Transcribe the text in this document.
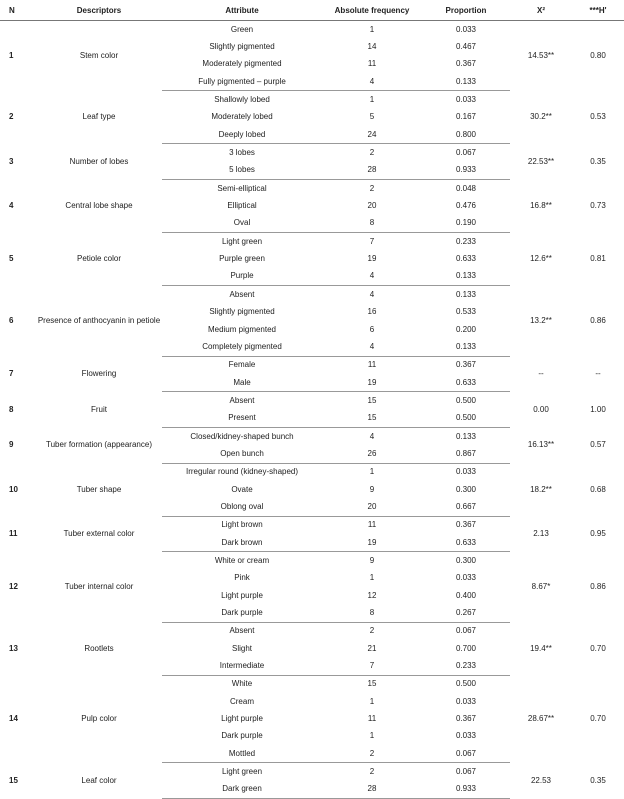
N	Descriptors	Attribute	Absolute frequency	Proportion	X²	***H'
1	Stem color	Green	1	0.033	14.53**	0.80
		Slightly pigmented	14	0.467		
		Moderately pigmented	11	0.367		
		Fully pigmented – purple	4	0.133		
2	Leaf type	Shallowly lobed	1	0.033	30.2**	0.53
		Moderately lobed	5	0.167		
		Deeply lobed	24	0.800		
3	Number of lobes	3 lobes	2	0.067	22.53**	0.35
		5 lobes	28	0.933		
4	Central lobe shape	Semi-elliptical	2	0.048	16.8**	0.73
		Elliptical	20	0.476		
		Oval	8	0.190		
5	Petiole color	Light green	7	0.233	12.6**	0.81
		Purple green	19	0.633		
		Purple	4	0.133		
6	Presence of anthocyanin in petiole	Absent	4	0.133	13.2**	0.86
		Slightly pigmented	16	0.533		
		Medium pigmented	6	0.200		
		Completely pigmented	4	0.133		
7	Flowering	Female	11	0.367	--	--
		Male	19	0.633		
8	Fruit	Absent	15	0.500	0.00	1.00
		Present	15	0.500		
9	Tuber formation (appearance)	Closed/kidney-shaped bunch	4	0.133	16.13**	0.57
		Open bunch	26	0.867		
10	Tuber shape	Irregular round (kidney-shaped)	1	0.033	18.2**	0.68
		Ovate	9	0.300		
		Oblong oval	20	0.667		
11	Tuber external color	Light brown	11	0.367	2.13	0.95
		Dark brown	19	0.633		
12	Tuber internal color	White or cream	9	0.300	8.67*	0.86
		Pink	1	0.033		
		Light purple	12	0.400		
		Dark purple	8	0.267		
13	Rootlets	Absent	2	0.067	19.4**	0.70
		Slight	21	0.700		
		Intermediate	7	0.233		
14	Pulp color	White	15	0.500	28.67**	0.70
		Cream	1	0.033		
		Light purple	11	0.367		
		Dark purple	1	0.033		
		Mottled	2	0.067		
15	Leaf color	Light green	2	0.067	22.53	0.35
		Dark green	28	0.933		
